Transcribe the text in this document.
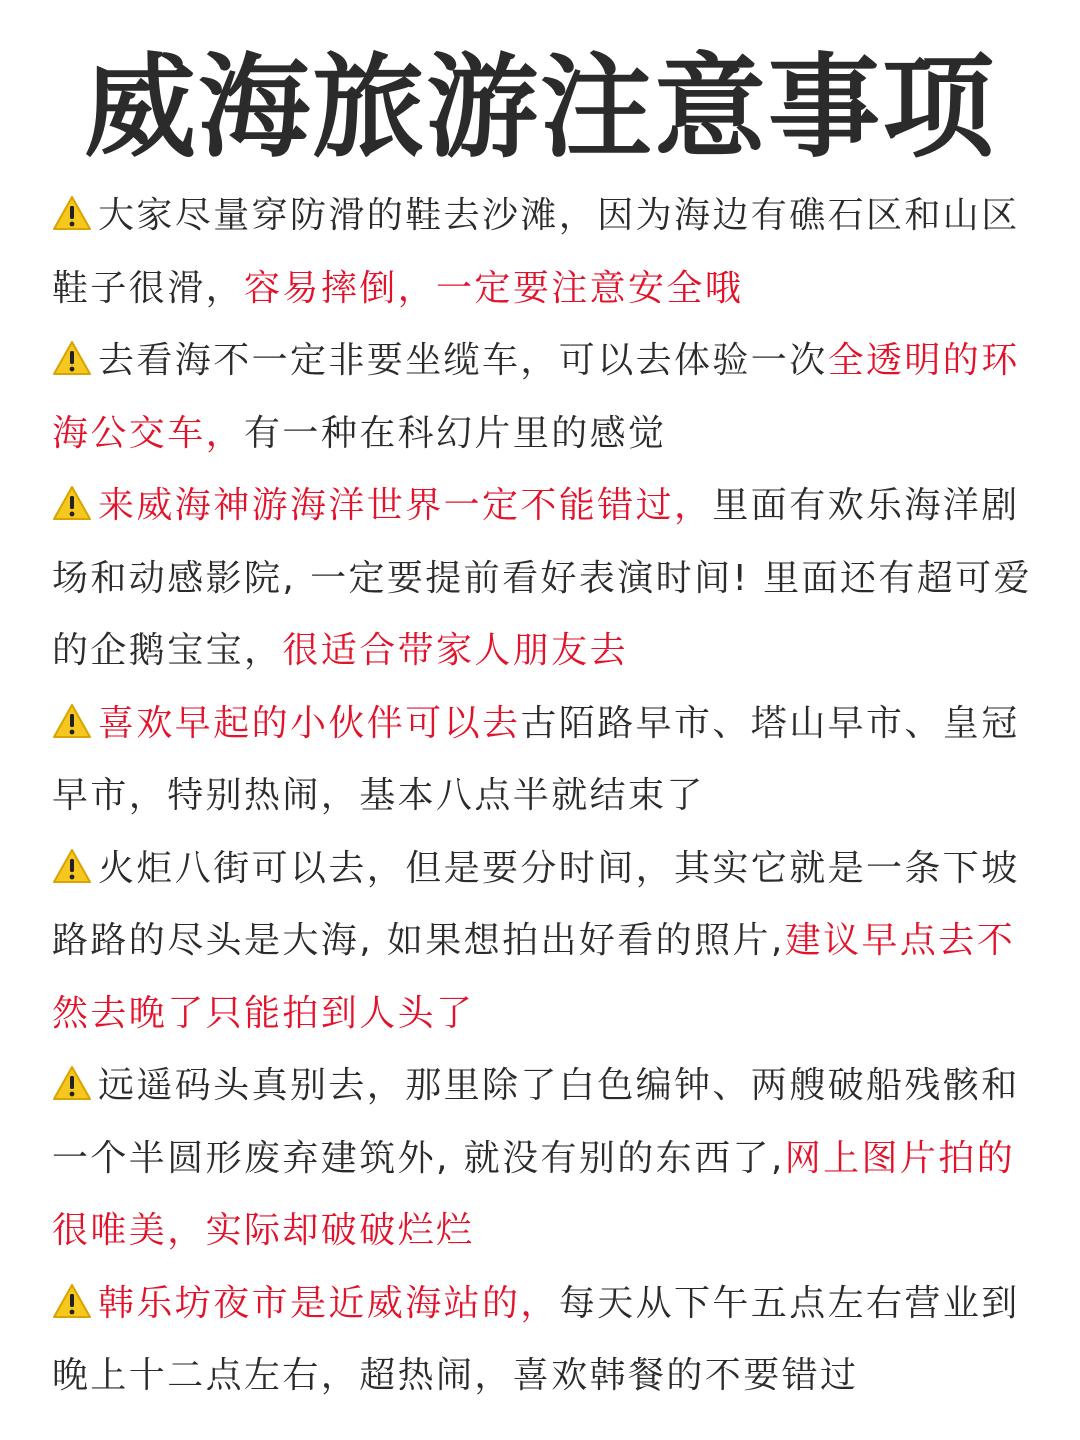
威海旅游注意事项

大家尽量穿防滑的鞋去沙滩，因为海边有礁石区和山区鞋子很滑，容易摔倒，一定要注意安全哦

去看海不一定非要坐缆车，可以去体验一次全透明的环海公交车，有一种在科幻片里的感觉

来威海神游海洋世界一定不能错过，里面有欢乐海洋剧场和动感影院, 一定要提前看好表演时间! 里面还有超可爱的企鹅宝宝，很适合带家人朋友去

喜欢早起的小伙伴可以去古陌路早市、塔山早市、皇冠早市，特别热闹，基本八点半就结束了

火炬八街可以去，但是要分时间，其实它就是一条下坡路路的尽头是大海, 如果想拍出好看的照片,建议早点去不然去晚了只能拍到人头了

远遥码头真别去，那里除了白色编钟、两艘破船残骸和一个半圆形废弃建筑外, 就没有别的东西了,网上图片拍的很唯美，实际却破破烂烂

韩乐坊夜市是近威海站的，每天从下午五点左右营业到晚上十二点左右，超热闹，喜欢韩餐的不要错过
